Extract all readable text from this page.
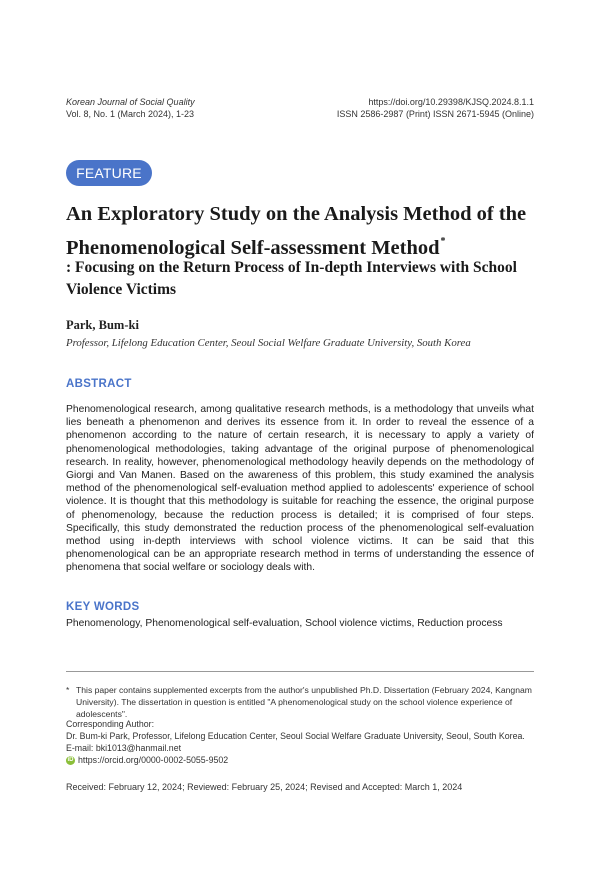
Korean Journal of Social Quality
Vol. 8, No. 1 (March 2024), 1-23
https://doi.org/10.29398/KJSQ.2024.8.1.1
ISSN 2586-2987 (Print) ISSN 2671-5945 (Online)
FEATURE
An Exploratory Study on the Analysis Method of the Phenomenological Self-assessment Method*
: Focusing on the Return Process of In-depth Interviews with School Violence Victims
Park, Bum-ki
Professor, Lifelong Education Center, Seoul Social Welfare Graduate University, South Korea
ABSTRACT
Phenomenological research, among qualitative research methods, is a methodology that unveils what lies beneath a phenomenon and derives its essence from it. In order to reveal the essence of a phenomenon according to the nature of certain research, it is necessary to apply a variety of phenomenological methodologies, taking advantage of the original purpose of phenomenological research. In reality, however, phenomenological methodology heavily depends on the methodology of Giorgi and Van Manen. Based on the awareness of this problem, this study examined the analysis method of the phenomenological self-evaluation method applied to adolescents' experience of school violence. It is thought that this methodology is suitable for reaching the essence, the original purpose of phenomenology, because the reduction process is detailed; it is comprised of four steps. Specifically, this study demonstrated the reduction process of the phenomenological self-evaluation method using in-depth interviews with school violence victims. It can be said that this phenomenological can be an appropriate research method in terms of understanding the essence of phenomena that social welfare or sociology deals with.
KEY WORDS
Phenomenology, Phenomenological self-evaluation, School violence victims, Reduction process
* This paper contains supplemented excerpts from the author's unpublished Ph.D. Dissertation (February 2024, Kangnam
University). The dissertation in question is entitled "A phenomenological study on the school violence experience of adolescents".
Corresponding Author:
Dr. Bum-ki Park, Professor, Lifelong Education Center, Seoul Social Welfare Graduate University, Seoul, South Korea.
E-mail: bki1013@hanmail.net
iD https://orcid.org/0000-0002-5055-9502
Received: February 12, 2024; Reviewed: February 25, 2024; Revised and Accepted: March 1, 2024
